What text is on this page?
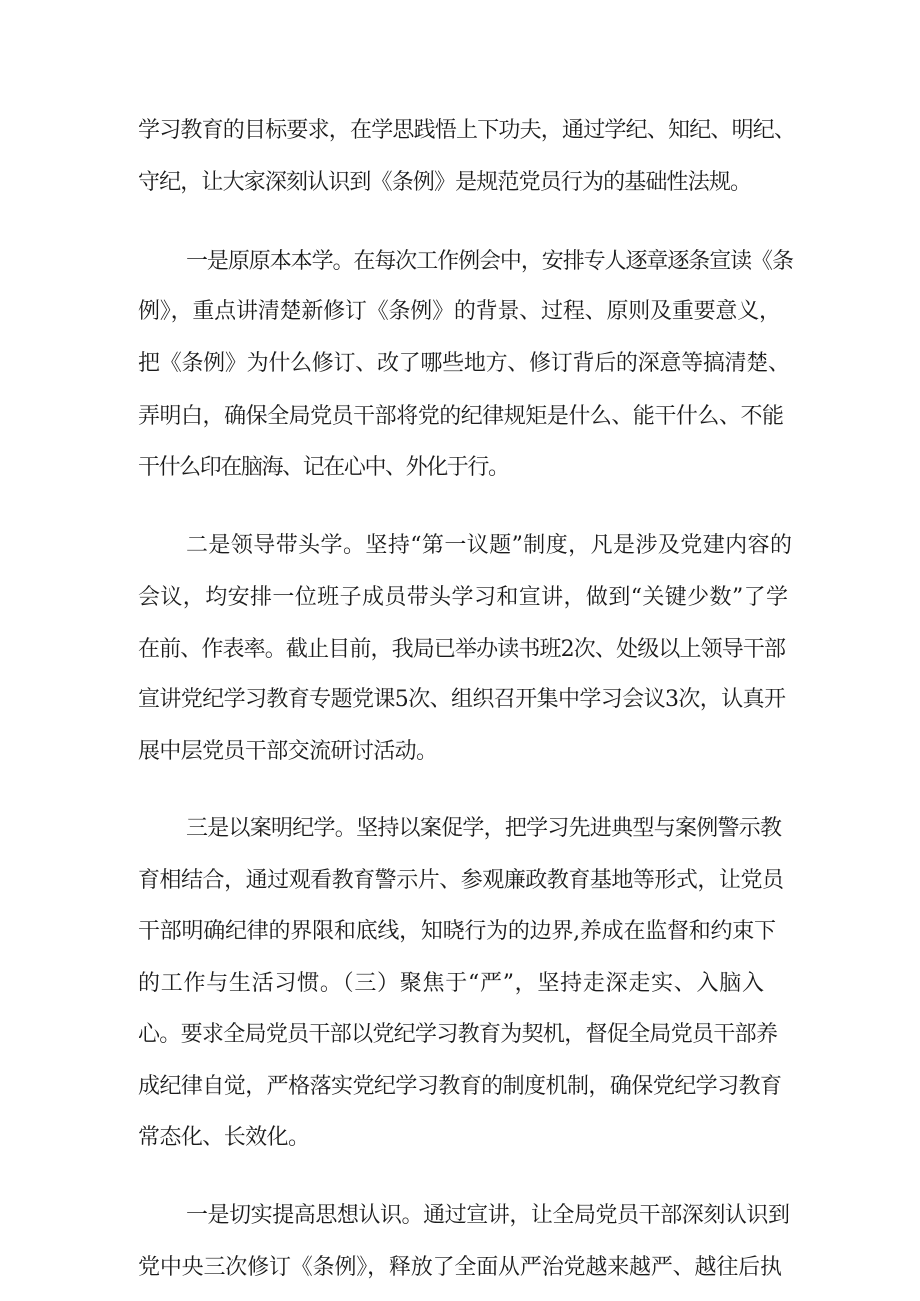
学习教育的目标要求，在学思践悟上下功夫，通过学纪、知纪、明纪、
守纪，让大家深刻认识到《条例》是规范党员行为的基础性法规。
一是原原本本学。在每次工作例会中，安排专人逐章逐条宣读《条
例》，重点讲清楚新修订《条例》的背景、过程、原则及重要意义，
把《条例》为什么修订、改了哪些地方、修订背后的深意等搞清楚、
弄明白，确保全局党员干部将党的纪律规矩是什么、能干什么、不能
干什么印在脑海、记在心中、外化于行。
二是领导带头学。坚持“第一议题”制度，凡是涉及党建内容的
会议，均安排一位班子成员带头学习和宣讲，做到“关键少数”了学
在前、作表率。截止目前，我局已举办读书班2次、处级以上领导干部
宣讲党纪学习教育专题党课5次、组织召开集中学习会议3次，认真开
展中层党员干部交流研讨活动。
三是以案明纪学。坚持以案促学，把学习先进典型与案例警示教
育相结合，通过观看教育警示片、参观廉政教育基地等形式，让党员
干部明确纪律的界限和底线，知晓行为的边界,养成在监督和约束下
的工作与生活习惯。（三）聚焦于“严”，坚持走深走实、入脑入
心。要求全局党员干部以党纪学习教育为契机，督促全局党员干部养
成纪律自觉，严格落实党纪学习教育的制度机制，确保党纪学习教育
常态化、长效化。
一是切实提高思想认识。通过宣讲，让全局党员干部深刻认识到
党中央三次修订《条例》，释放了全面从严治党越来越严、越往后执
